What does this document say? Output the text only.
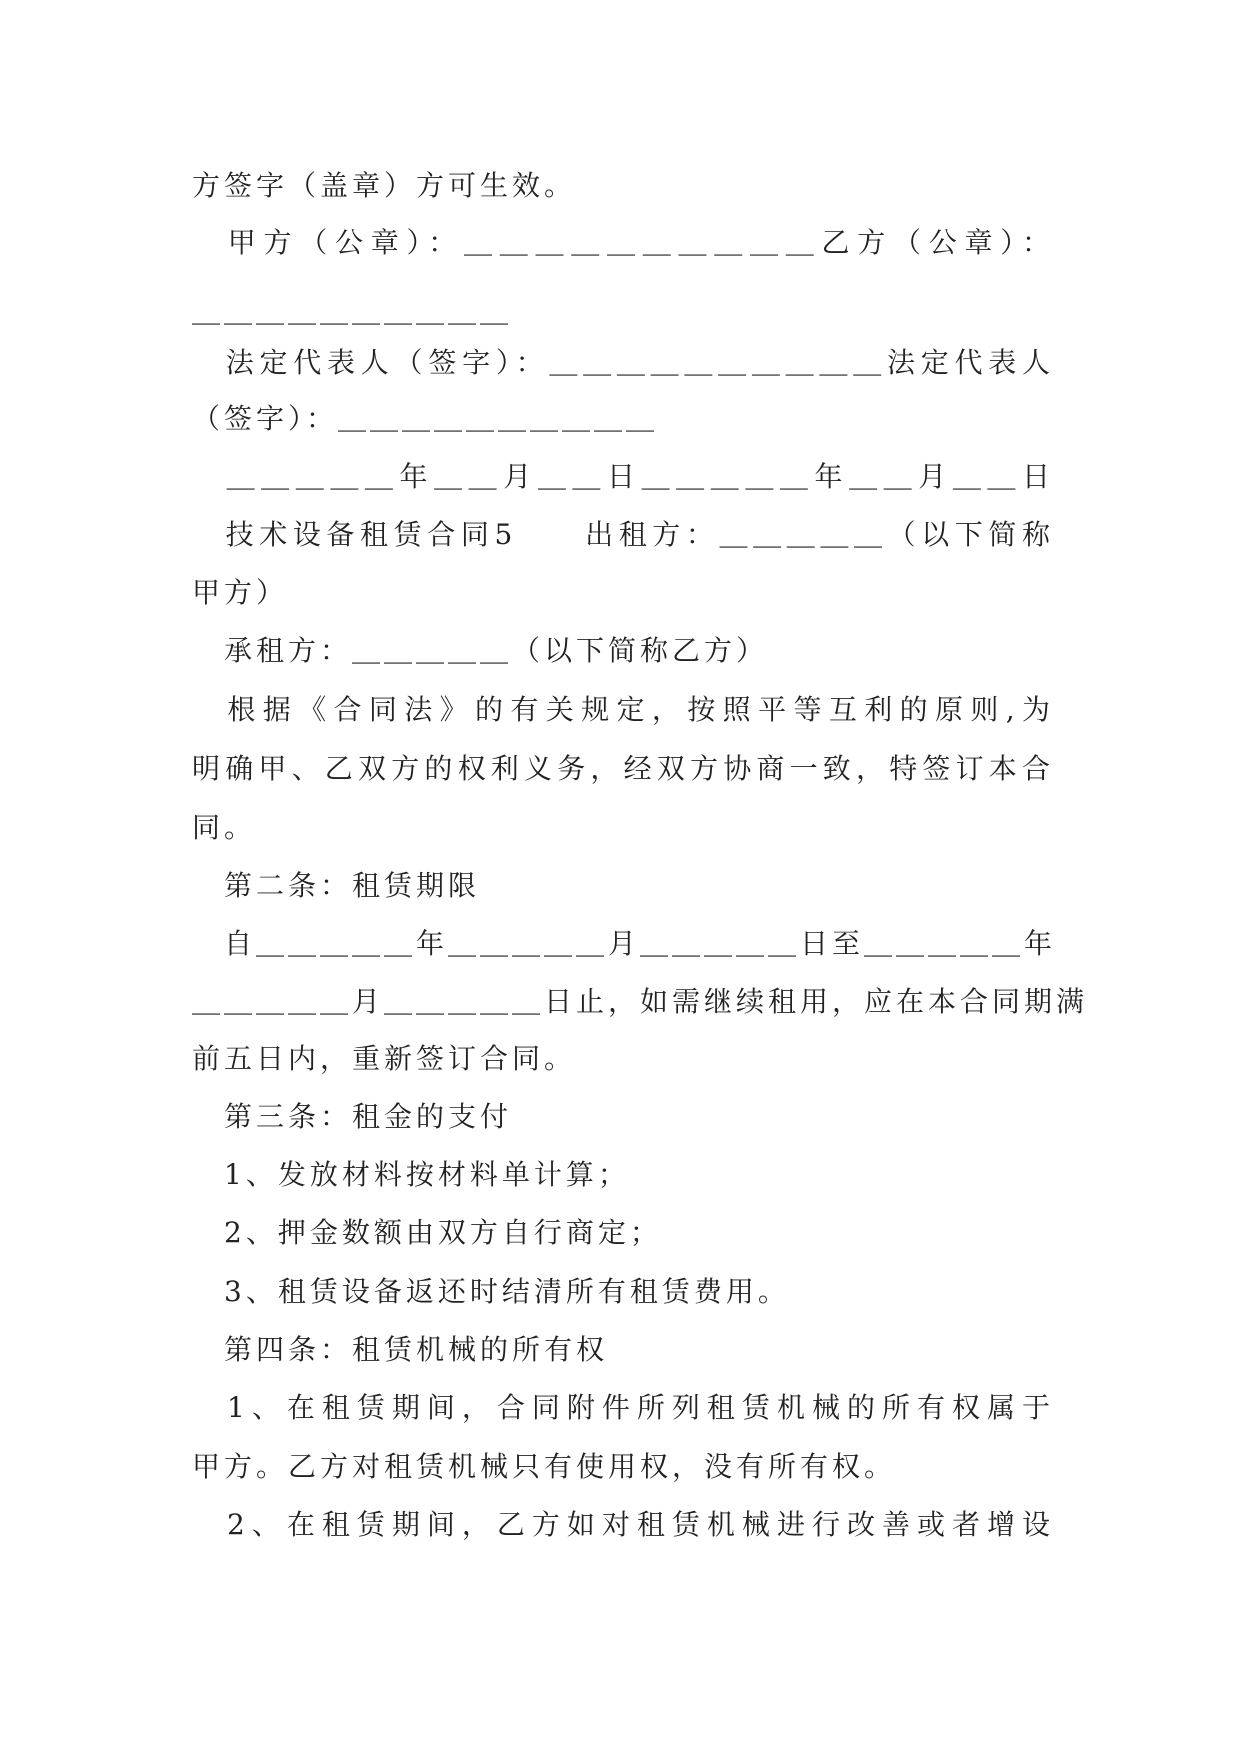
方签字（盖章）方可生效。

　甲方（公章）：＿＿＿＿＿＿＿＿＿＿乙方（公章）：

＿＿＿＿＿＿＿＿＿＿

　法定代表人（签字）：＿＿＿＿＿＿＿＿＿＿法定代表人

（签字）：＿＿＿＿＿＿＿＿＿＿

　＿＿＿＿＿年＿＿月＿＿日＿＿＿＿＿年＿＿月＿＿日

　技术设备租赁合同5　　出租方：＿＿＿＿＿（以下简称

甲方）

　承租方：＿＿＿＿＿（以下简称乙方）

　根据《合同法》的有关规定，按照平等互利的原则,为

明确甲、乙双方的权利义务，经双方协商一致，特签订本合

同。

　第二条：租赁期限

　自＿＿＿＿＿年＿＿＿＿＿月＿＿＿＿＿日至＿＿＿＿＿年

＿＿＿＿＿月＿＿＿＿＿日止，如需继续租用，应在本合同期满

前五日内，重新签订合同。

　第三条：租金的支付

　1、发放材料按材料单计算；

　2、押金数额由双方自行商定；

　3、租赁设备返还时结清所有租赁费用。

　第四条：租赁机械的所有权

　1、在租赁期间，合同附件所列租赁机械的所有权属于

甲方。乙方对租赁机械只有使用权，没有所有权。

　2、在租赁期间，乙方如对租赁机械进行改善或者增设
